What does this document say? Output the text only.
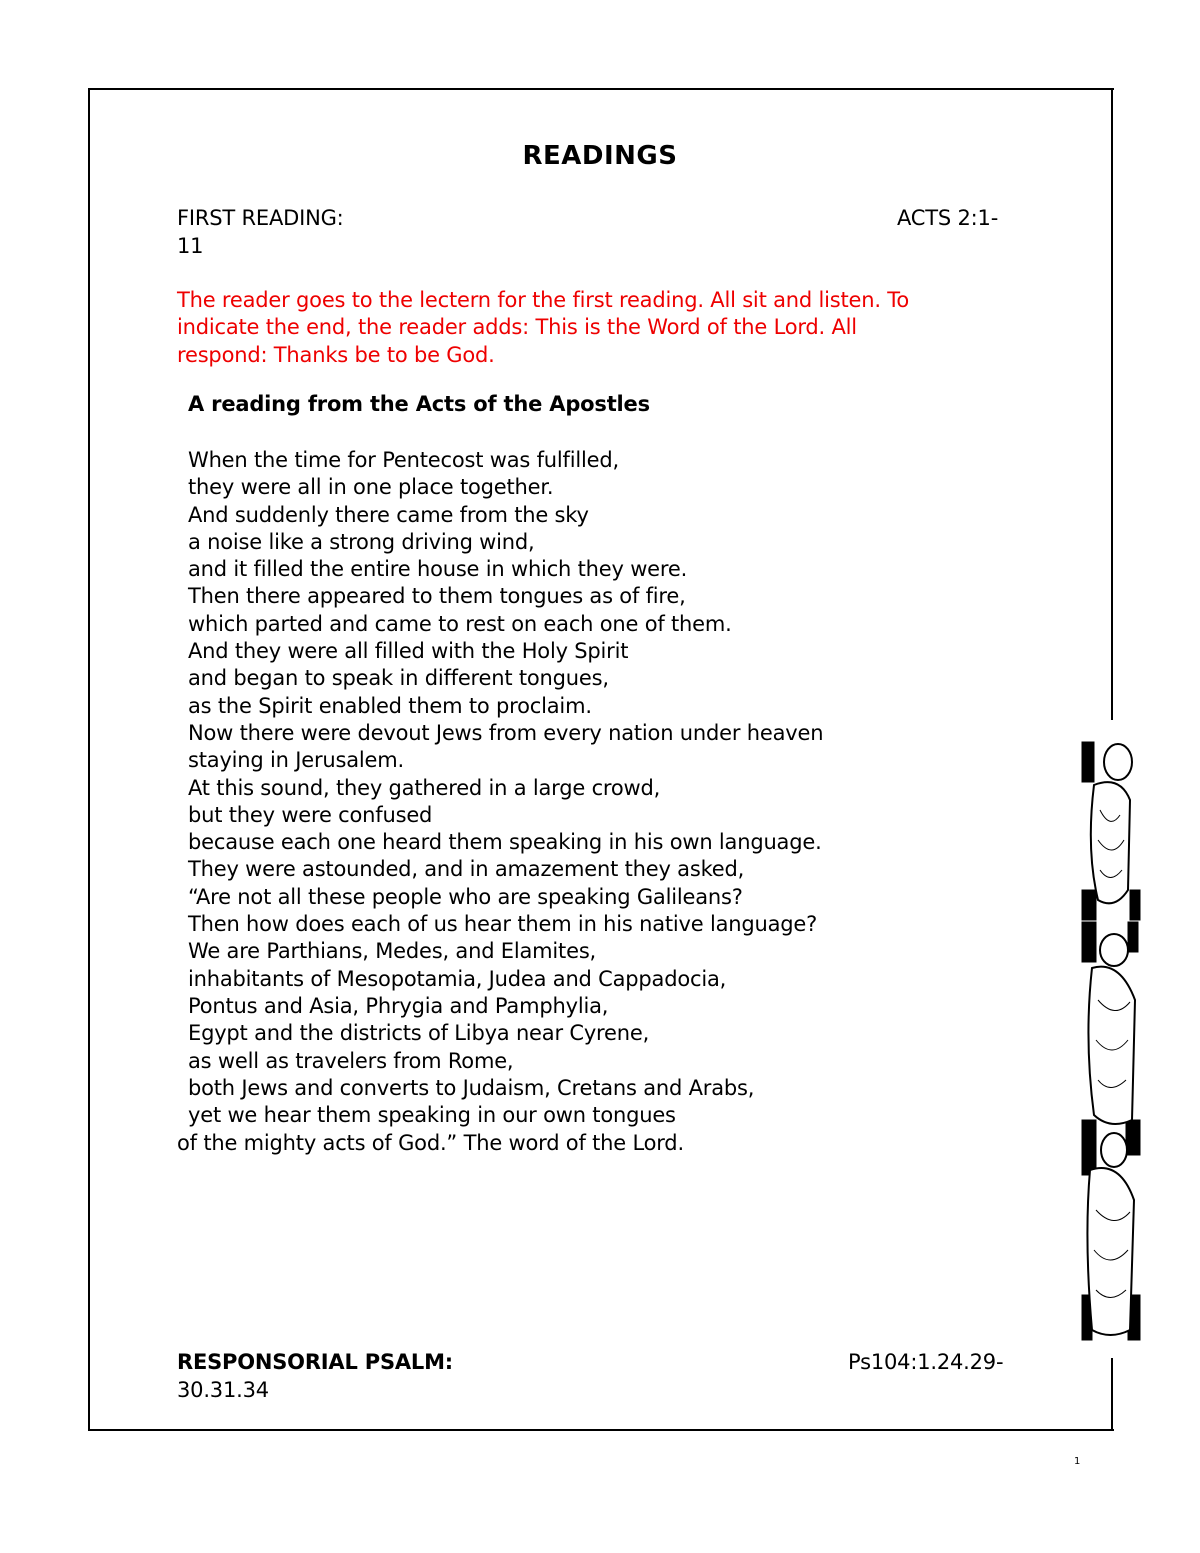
READINGS
FIRST READING:	ACTS 2:1-
11
The reader goes to the lectern for the first reading. All sit and listen. To
indicate the end, the reader adds: This is the Word of the Lord. All
respond: Thanks be to be God.
A reading from the Acts of the Apostles
When the time for Pentecost was fulfilled,
they were all in one place together.
And suddenly there came from the sky
a noise like a strong driving wind,
and it filled the entire house in which they were.
Then there appeared to them tongues as of fire,
which parted and came to rest on each one of them.
And they were all filled with the Holy Spirit
and began to speak in different tongues,
as the Spirit enabled them to proclaim.
Now there were devout Jews from every nation under heaven
staying in Jerusalem.
At this sound, they gathered in a large crowd,
but they were confused
because each one heard them speaking in his own language.
They were astounded, and in amazement they asked,
“Are not all these people who are speaking Galileans?
Then how does each of us hear them in his native language?
We are Parthians, Medes, and Elamites,
inhabitants of Mesopotamia, Judea and Cappadocia,
Pontus and Asia, Phrygia and Pamphylia,
Egypt and the districts of Libya near Cyrene,
as well as travelers from Rome,
both Jews and converts to Judaism, Cretans and Arabs,
yet we hear them speaking in our own tongues
of the mighty acts of God.” The word of the Lord.
RESPONSORIAL PSALM:	Ps104:1.24.29-
30.31.34
1
